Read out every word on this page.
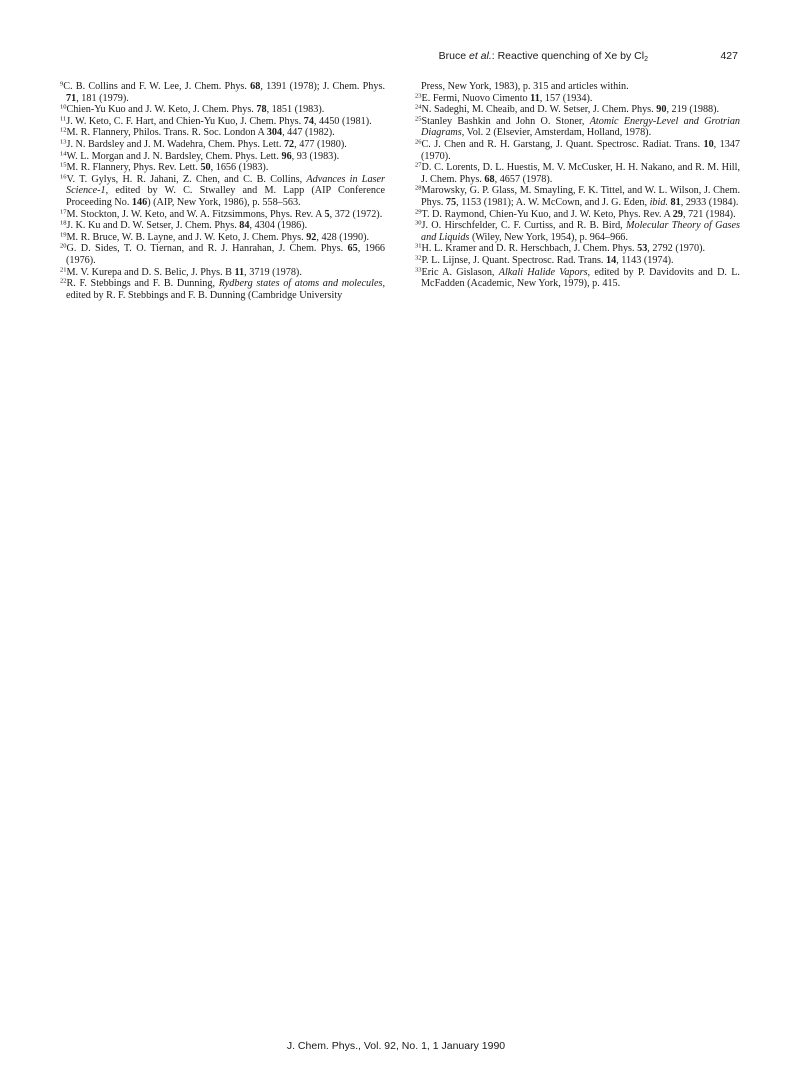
Bruce et al.: Reactive quenching of Xe by $Cl_2$	427

$^9$C. B. Collins and F. W. Lee, J. Chem. Phys. 68, 1391 (1978); J. Chem. Phys. 71, 181 (1979).

$^{10}$Chien-Yu Kuo and J. W. Keto, J. Chem. Phys. 78, 1851 (1983).

$^{11}$J. W. Keto, C. F. Hart, and Chien-Yu Kuo, J. Chem. Phys. 74, 4450 (1981).

$^{12}$M. R. Flannery, Philos. Trans. R. Soc. London A 304, 447 (1982).

$^{13}$J. N. Bardsley and J. M. Wadehra, Chem. Phys. Lett. 72, 477 (1980).

$^{14}$W. L. Morgan and J. N. Bardsley, Chem. Phys. Lett. 96, 93 (1983).

$^{15}$M. R. Flannery, Phys. Rev. Lett. 50, 1656 (1983).

$^{16}$V. T. Gylys, H. R. Jahani, Z. Chen, and C. B. Collins, Advances in Laser Science-1, edited by W. C. Stwalley and M. Lapp (AIP Conference Proceeding No. 146) (AIP, New York, 1986), p. 558–563.

$^{17}$M. Stockton, J. W. Keto, and W. A. Fitzsimmons, Phys. Rev. A 5, 372 (1972).

$^{18}$J. K. Ku and D. W. Setser, J. Chem. Phys. 84, 4304 (1986).

$^{19}$M. R. Bruce, W. B. Layne, and J. W. Keto, J. Chem. Phys. 92, 428 (1990).

$^{20}$G. D. Sides, T. O. Tiernan, and R. J. Hanrahan, J. Chem. Phys. 65, 1966 (1976).

$^{21}$M. V. Kurepa and D. S. Belic, J. Phys. B 11, 3719 (1978).

$^{22}$R. F. Stebbings and F. B. Dunning, Rydberg states of atoms and molecules, edited by R. F. Stebbings and F. B. Dunning (Cambridge University

Press, New York, 1983), p. 315 and articles within.

$^{23}$E. Fermi, Nuovo Cimento 11, 157 (1934).

$^{24}$N. Sadeghi, M. Cheaib, and D. W. Setser, J. Chem. Phys. 90, 219 (1988).

$^{25}$Stanley Bashkin and John O. Stoner, Atomic Energy-Level and Grotrian Diagrams, Vol. 2 (Elsevier, Amsterdam, Holland, 1978).

$^{26}$C. J. Chen and R. H. Garstang, J. Quant. Spectrosc. Radiat. Trans. 10, 1347 (1970).

$^{27}$D. C. Lorents, D. L. Huestis, M. V. McCusker, H. H. Nakano, and R. M. Hill, J. Chem. Phys. 68, 4657 (1978).

$^{28}$Marowsky, G. P. Glass, M. Smayling, F. K. Tittel, and W. L. Wilson, J. Chem. Phys. 75, 1153 (1981); A. W. McCown, and J. G. Eden, ibid. 81, 2933 (1984).

$^{29}$T. D. Raymond, Chien-Yu Kuo, and J. W. Keto, Phys. Rev. A 29, 721 (1984).

$^{30}$J. O. Hirschfelder, C. F. Curtiss, and R. B. Bird, Molecular Theory of Gases and Liquids (Wiley, New York, 1954), p. 964–966.

$^{31}$H. L. Kramer and D. R. Herschbach, J. Chem. Phys. 53, 2792 (1970).

$^{32}$P. L. Lijnse, J. Quant. Spectrosc. Rad. Trans. 14, 1143 (1974).

$^{33}$Eric A. Gislason, Alkali Halide Vapors, edited by P. Davidovits and D. L. McFadden (Academic, New York, 1979), p. 415.

J. Chem. Phys., Vol. 92, No. 1, 1 January 1990
